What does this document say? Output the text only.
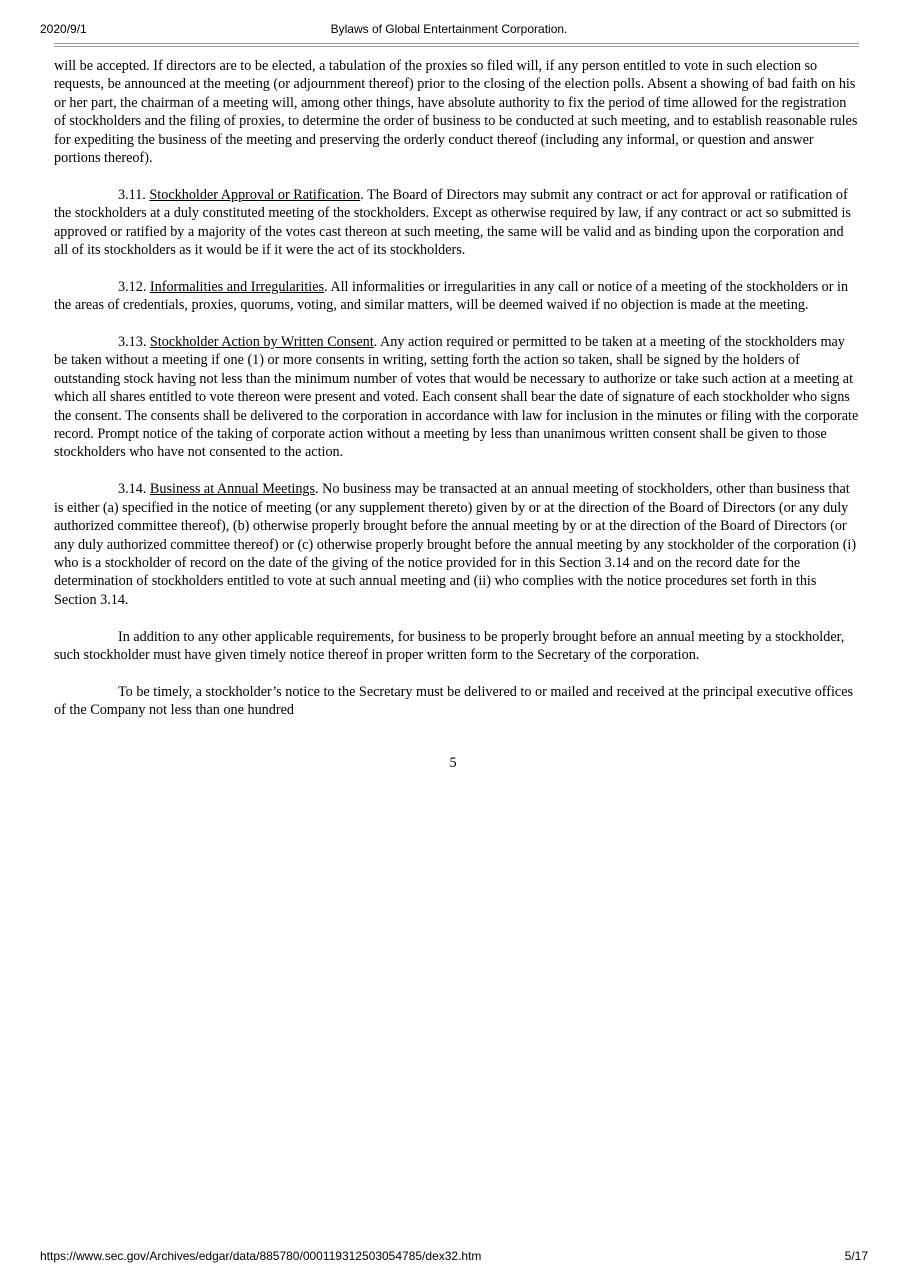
2020/9/1	Bylaws of Global Entertainment Corporation.

will be accepted. If directors are to be elected, a tabulation of the proxies so filed will, if any person entitled to vote in such election so requests, be announced at the meeting (or adjournment thereof) prior to the closing of the election polls. Absent a showing of bad faith on his or her part, the chairman of a meeting will, among other things, have absolute authority to fix the period of time allowed for the registration of stockholders and the filing of proxies, to determine the order of business to be conducted at such meeting, and to establish reasonable rules for expediting the business of the meeting and preserving the orderly conduct thereof (including any informal, or question and answer portions thereof).

3.11. Stockholder Approval or Ratification. The Board of Directors may submit any contract or act for approval or ratification of the stockholders at a duly constituted meeting of the stockholders. Except as otherwise required by law, if any contract or act so submitted is approved or ratified by a majority of the votes cast thereon at such meeting, the same will be valid and as binding upon the corporation and all of its stockholders as it would be if it were the act of its stockholders.

3.12. Informalities and Irregularities. All informalities or irregularities in any call or notice of a meeting of the stockholders or in the areas of credentials, proxies, quorums, voting, and similar matters, will be deemed waived if no objection is made at the meeting.

3.13. Stockholder Action by Written Consent. Any action required or permitted to be taken at a meeting of the stockholders may be taken without a meeting if one (1) or more consents in writing, setting forth the action so taken, shall be signed by the holders of outstanding stock having not less than the minimum number of votes that would be necessary to authorize or take such action at a meeting at which all shares entitled to vote thereon were present and voted. Each consent shall bear the date of signature of each stockholder who signs the consent. The consents shall be delivered to the corporation in accordance with law for inclusion in the minutes or filing with the corporate record. Prompt notice of the taking of corporate action without a meeting by less than unanimous written consent shall be given to those stockholders who have not consented to the action.

3.14. Business at Annual Meetings. No business may be transacted at an annual meeting of stockholders, other than business that is either (a) specified in the notice of meeting (or any supplement thereto) given by or at the direction of the Board of Directors (or any duly authorized committee thereof), (b) otherwise properly brought before the annual meeting by or at the direction of the Board of Directors (or any duly authorized committee thereof) or (c) otherwise properly brought before the annual meeting by any stockholder of the corporation (i) who is a stockholder of record on the date of the giving of the notice provided for in this Section 3.14 and on the record date for the determination of stockholders entitled to vote at such annual meeting and (ii) who complies with the notice procedures set forth in this Section 3.14.

In addition to any other applicable requirements, for business to be properly brought before an annual meeting by a stockholder, such stockholder must have given timely notice thereof in proper written form to the Secretary of the corporation.

To be timely, a stockholder’s notice to the Secretary must be delivered to or mailed and received at the principal executive offices of the Company not less than one hundred

5
https://www.sec.gov/Archives/edgar/data/885780/000119312503054785/dex32.htm	5/17
